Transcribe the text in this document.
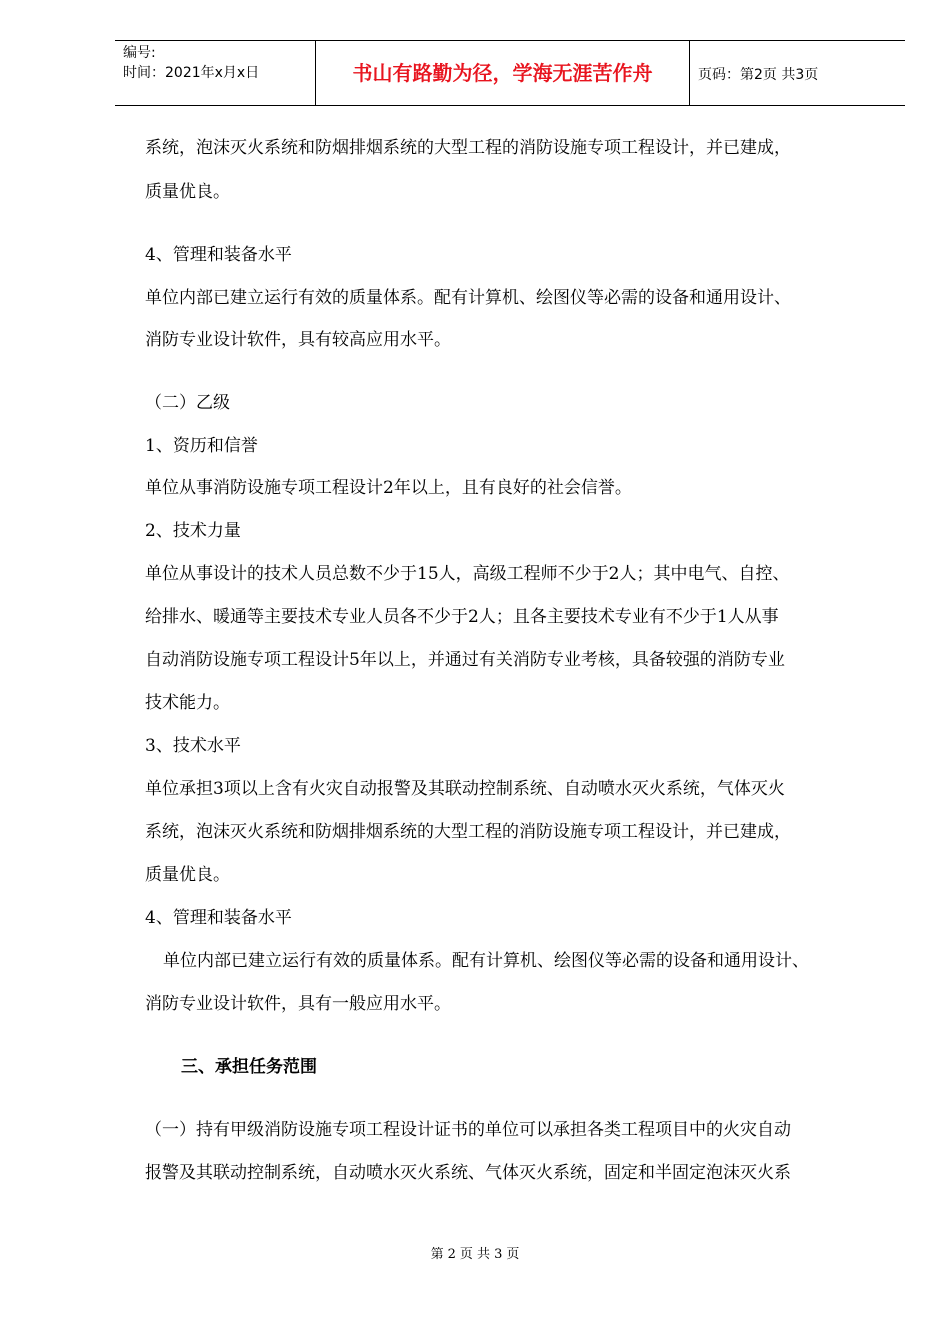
编号:
时间：2021年x月x日	书山有路勤为径，学海无涯苦作舟	页码：第2页 共3页
系统，泡沫灭火系统和防烟排烟系统的大型工程的消防设施专项工程设计，并已建成，
质量优良。
4、管理和装备水平
单位内部已建立运行有效的质量体系。配有计算机、绘图仪等必需的设备和通用设计、
消防专业设计软件，具有较高应用水平。
（二）乙级
1、资历和信誉
单位从事消防设施专项工程设计2年以上，且有良好的社会信誉。
2、技术力量
单位从事设计的技术人员总数不少于15人，高级工程师不少于2人；其中电气、自控、
给排水、暖通等主要技术专业人员各不少于2人；且各主要技术专业有不少于1人从事
自动消防设施专项工程设计5年以上，并通过有关消防专业考核，具备较强的消防专业
技术能力。
3、技术水平
单位承担3项以上含有火灾自动报警及其联动控制系统、自动喷水灭火系统，气体灭火
系统，泡沫灭火系统和防烟排烟系统的大型工程的消防设施专项工程设计，并已建成，
质量优良。
4、管理和装备水平
单位内部已建立运行有效的质量体系。配有计算机、绘图仪等必需的设备和通用设计、
消防专业设计软件，具有一般应用水平。
三、承担任务范围
（一）持有甲级消防设施专项工程设计证书的单位可以承担各类工程项目中的火灾自动
报警及其联动控制系统，自动喷水灭火系统、气体灭火系统，固定和半固定泡沫灭火系
第 2 页 共 3 页
